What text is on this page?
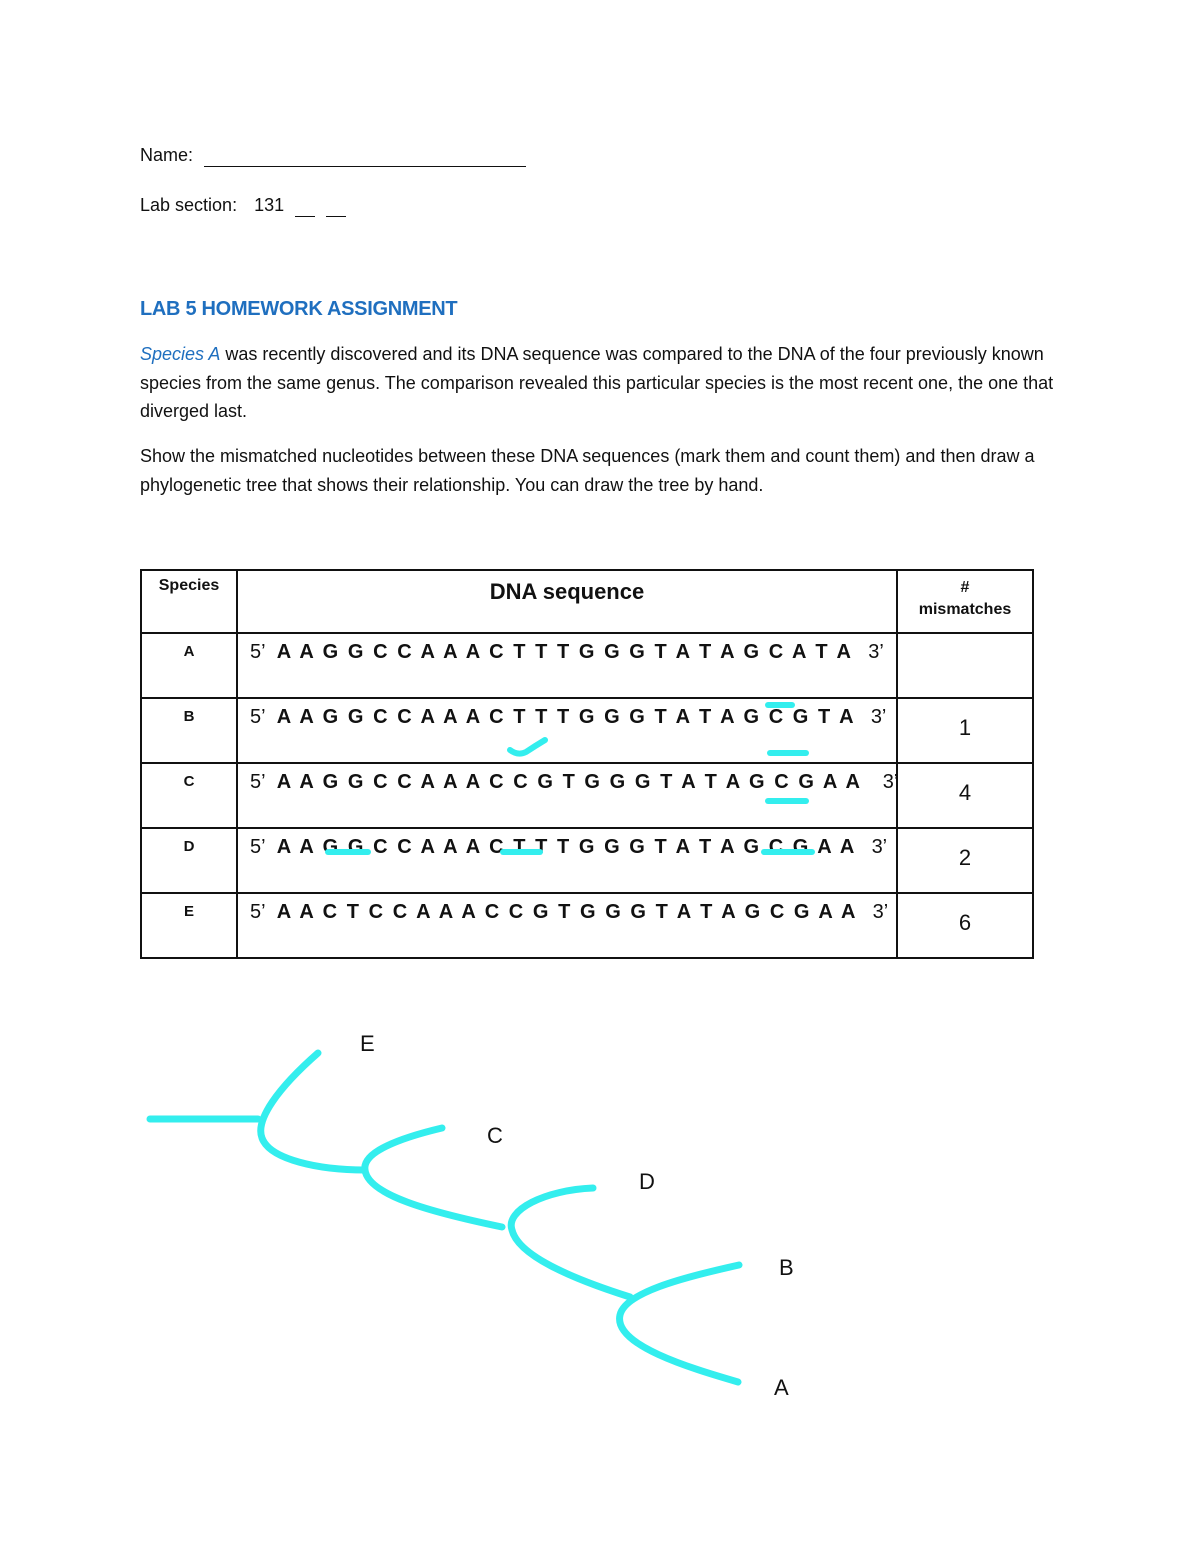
Name:
Lab section: 131
LAB 5 HOMEWORK ASSIGNMENT
Species A was recently discovered and its DNA sequence was compared to the DNA of the four previously known species from the same genus. The comparison revealed this particular species is the most recent one, the one that diverged last.
Show the mismatched nucleotides between these DNA sequences (mark them and count them) and then draw a phylogenetic tree that shows their relationship. You can draw the tree by hand.
Species	DNA sequence	#
mismatches

A	5’ A A G G C C A A A C T T T G G G T A T A G C A T A 3’	
B	5’ A A G G C C A A A C T T T G G G T A T A G C G T A 3’	1
C	5’ A A G G C C A A A C C G T G G G T A T A G C G A A 3’	4
D	5’ A A G G C C A A A C T T T G G G T A T A G C G A A 3’	2
E	5’ A A C T C C A A A C C G T G G G T A T A G C G A A 3’	6
E
C
D
B
A
